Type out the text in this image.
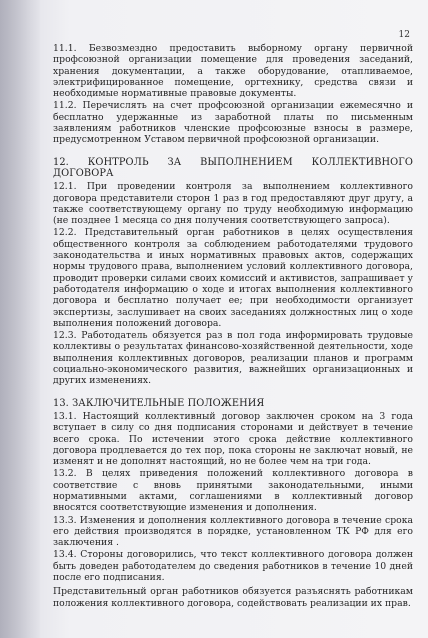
12

11.1. Безвозмездно предоставить выборному органу первичной профсоюзной организации помещение для проведения заседаний, хранения документации, а также оборудование, отапливаемое, электрифицированное помещение, оргтехнику, средства связи и необходимые нормативные правовые документы.

11.2. Перечислять на счет профсоюзной организации ежемесячно и бесплатно удержанные из заработной платы по письменным заявлениям работников членские профсоюзные взносы в размере, предусмотренном Уставом первичной профсоюзной организации.

12. КОНТРОЛЬ ЗА ВЫПОЛНЕНИЕМ КОЛЛЕКТИВНОГО ДОГОВОРА

12.1. При проведении контроля за выполнением коллективного договора представители сторон 1 раз в год предоставляют друг другу, а также соответствующему органу по труду необходимую информацию (не позднее 1 месяца со дня получения соответствующего запроса).

12.2. Представительный орган работников в целях осуществления общественного контроля за соблюдением работодателями трудового законодательства и иных нормативных правовых актов, содержащих нормы трудового права, выполнением условий коллективного договора, проводит проверки силами своих комиссий и активистов, запрашивает у работодателя информацию о ходе и итогах выполнения коллективного договора и бесплатно получает ее; при необходимости организует экспертизы, заслушивает на своих заседаниях должностных лиц о ходе выполнения положений договора.

12.3. Работодатель обязуется раз в пол года информировать трудовые коллективы о результатах финансово-хозяйственной деятельности, ходе выполнения коллективных договоров, реализации планов и программ социально-экономического развития, важнейших организационных и других изменениях.

13. ЗАКЛЮЧИТЕЛЬНЫЕ ПОЛОЖЕНИЯ

13.1. Настоящий коллективный договор заключен сроком на 3 года вступает в силу со дня подписания сторонами и действует в течение всего срока. По истечении этого срока действие коллективного договора продлевается до тех пор, пока стороны не заключат новый, не изменят и не дополнят настоящий, но не более чем на три года.

13.2. В целях приведения положений коллективного договора в соответствие с вновь принятыми законодательными, иными нормативными актами, соглашениями в коллективный договор вносятся соответствующие изменения и дополнения.

13.3. Изменения и дополнения коллективного договора в течение срока его действия производятся в порядке, установленном ТК РФ для его заключения .

13.4. Стороны договорились, что текст коллективного договора должен быть доведен работодателем до сведения работников в течение 10 дней после его подписания.

Представительный орган работников обязуется разъяснять работникам положения коллективного договора, содействовать реализации их прав.
